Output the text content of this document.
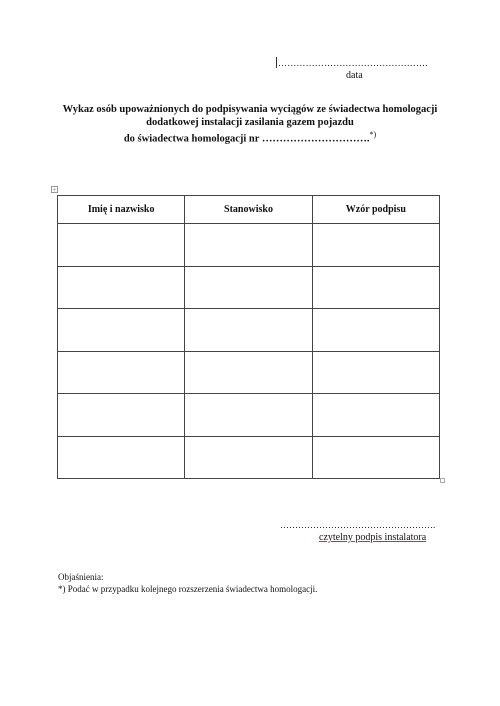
………………………………………….
data
Wykaz osób upoważnionych do podpisywania wyciągów ze świadectwa homologacji
dodatkowej instalacji zasilania gazem pojazdu
do świadectwa homologacji nr ………………………….*)
+
Imię i nazwisko	Stanowisko	Wzór podpisu

…………………………………………….
czytelny podpis instalatora
Objaśnienia:
*) Podać w przypadku kolejnego rozszerzenia świadectwa homologacji.
